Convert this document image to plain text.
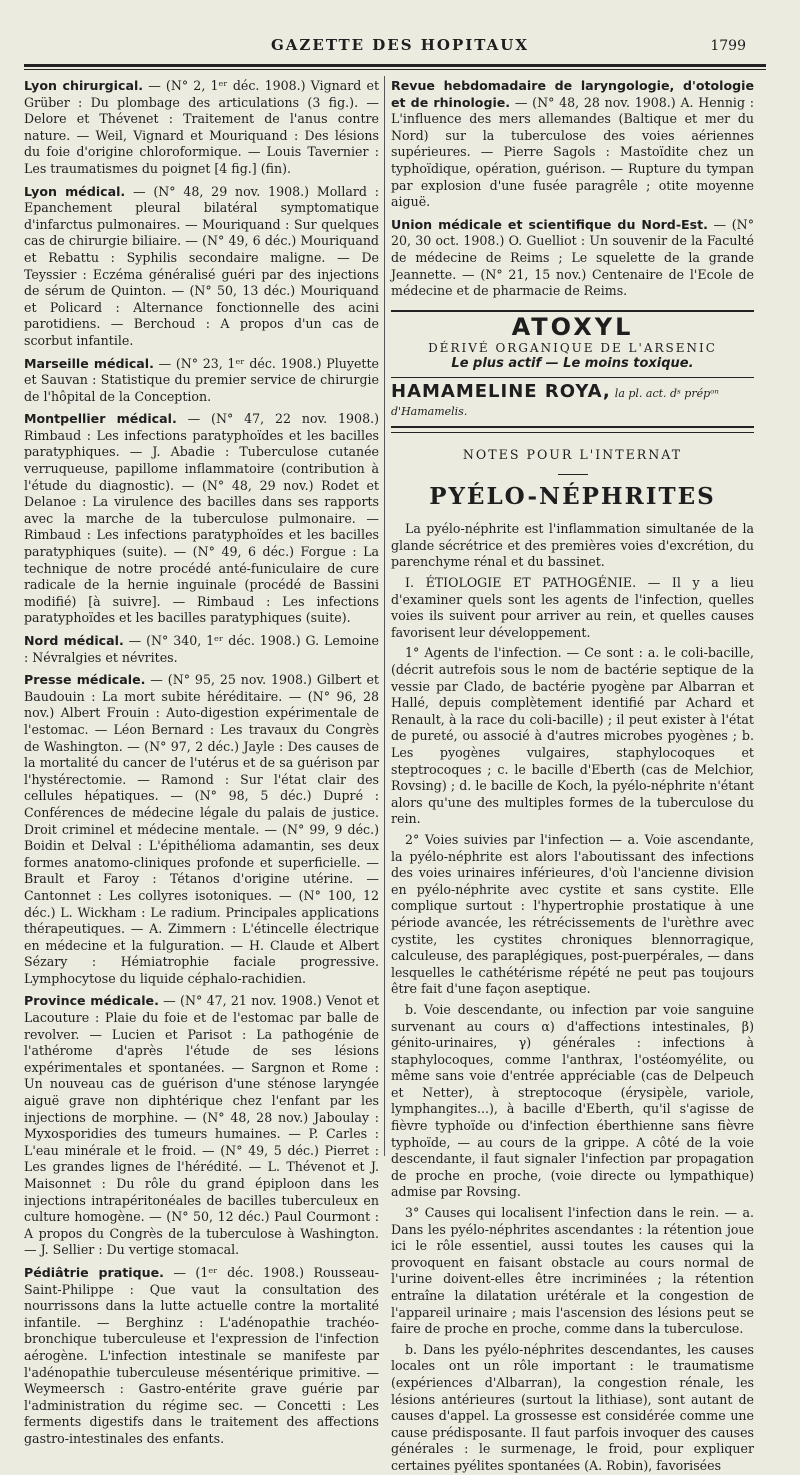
GAZETTE DES HOPITAUX	1799

Lyon chirurgical. — (N° 2, 1ᵉʳ déc. 1908.) Vignard et Grüber : Du plombage des articulations (3 fig.). — Delore et Thévenet : Traitement de l'anus contre nature. — Weil, Vignard et Mouriquand : Des lésions du foie d'origine chloroformique. — Louis Tavernier : Les traumatismes du poignet [4 fig.] (fin).

Lyon médical. — (N° 48, 29 nov. 1908.) Mollard : Epanchement pleural bilatéral symptomatique d'infarctus pulmonaires. — Mouriquand : Sur quelques cas de chirurgie biliaire. — (N° 49, 6 déc.) Mouriquand et Rebattu : Syphilis secondaire maligne. — De Teyssier : Eczéma généralisé guéri par des injections de sérum de Quinton. — (N° 50, 13 déc.) Mouriquand et Policard : Alternance fonctionnelle des acini parotidiens. — Berchoud : A propos d'un cas de scorbut infantile.

Marseille médical. — (N° 23, 1ᵉʳ déc. 1908.) Pluyette et Sauvan : Statistique du premier service de chirurgie de l'hôpital de la Conception.

Montpellier médical. — (N° 47, 22 nov. 1908.) Rimbaud : Les infections paratyphoïdes et les bacilles paratyphiques. — J. Abadie : Tuberculose cutanée verruqueuse, papillome inflammatoire (contribution à l'étude du diagnostic). — (N° 48, 29 nov.) Rodet et Delanoe : La virulence des bacilles dans ses rapports avec la marche de la tuberculose pulmonaire. — Rimbaud : Les infections paratyphoïdes et les bacilles paratyphiques (suite). — (N° 49, 6 déc.) Forgue : La technique de notre procédé anté-funiculaire de cure radicale de la hernie inguinale (procédé de Bassini modifié) [à suivre]. — Rimbaud : Les infections paratyphoïdes et les bacilles paratyphiques (suite).

Nord médical. — (N° 340, 1ᵉʳ déc. 1908.) G. Lemoine : Névralgies et névrites.

Presse médicale. — (N° 95, 25 nov. 1908.) Gilbert et Baudouin : La mort subite héréditaire. — (N° 96, 28 nov.) Albert Frouin : Auto-digestion expérimentale de l'estomac. — Léon Bernard : Les travaux du Congrès de Washington. — (N° 97, 2 déc.) Jayle : Des causes de la mortalité du cancer de l'utérus et de sa guérison par l'hystérectomie. — Ramond : Sur l'état clair des cellules hépatiques. — (N° 98, 5 déc.) Dupré : Conférences de médecine légale du palais de justice. Droit criminel et médecine mentale. — (N° 99, 9 déc.) Boidin et Delval : L'épithélioma adamantin, ses deux formes anatomo-cliniques profonde et superficielle. — Brault et Faroy : Tétanos d'origine utérine. — Cantonnet : Les collyres isotoniques. — (N° 100, 12 déc.) L. Wickham : Le radium. Principales applications thérapeutiques. — A. Zimmern : L'étincelle électrique en médecine et la fulguration. — H. Claude et Albert Sézary : Hémiatrophie faciale progressive. Lymphocytose du liquide céphalo-rachidien.

Province médicale. — (N° 47, 21 nov. 1908.) Venot et Lacouture : Plaie du foie et de l'estomac par balle de revolver. — Lucien et Parisot : La pathogénie de l'athérome d'après l'étude de ses lésions expérimentales et spontanées. — Sargnon et Rome : Un nouveau cas de guérison d'une sténose laryngée aiguë grave non diphtérique chez l'enfant par les injections de morphine. — (N° 48, 28 nov.) Jaboulay : Myxosporidies des tumeurs humaines. — P. Carles : L'eau minérale et le froid. — (N° 49, 5 déc.) Pierret : Les grandes lignes de l'hérédité. — L. Thévenot et J. Maisonnet : Du rôle du grand épiploon dans les injections intrapéritonéales de bacilles tuberculeux en culture homogène. — (N° 50, 12 déc.) Paul Courmont : A propos du Congrès de la tuberculose à Washington. — J. Sellier : Du vertige stomacal.

Pédiâtrie pratique. — (1ᵉʳ déc. 1908.) Rousseau-Saint-Philippe : Que vaut la consultation des nourrissons dans la lutte actuelle contre la mortalité infantile. — Berghinz : L'adénopathie trachéo-bronchique tuberculeuse et l'expression de l'infection aérogène. L'infection intestinale se manifeste par l'adénopathie tuberculeuse mésentérique primitive. — Weymeersch : Gastro-entérite grave guérie par l'administration du régime sec. — Concetti : Les ferments digestifs dans le traitement des affections gastro-intestinales des enfants.

Revue hebdomadaire de laryngologie, d'otologie et de rhinologie. — (N° 48, 28 nov. 1908.) A. Hennig : L'influence des mers allemandes (Baltique et mer du Nord) sur la tuberculose des voies aériennes supérieures. — Pierre Sagols : Mastoïdite chez un typhoïdique, opération, guérison. — Rupture du tympan par explosion d'une fusée paragrêle ; otite moyenne aiguë.

Union médicale et scientifique du Nord-Est. — (N° 20, 30 oct. 1908.) O. Guelliot : Un souvenir de la Faculté de médecine de Reims ; Le squelette de la grande Jeannette. — (N° 21, 15 nov.) Centenaire de l'Ecole de médecine et de pharmacie de Reims.

ATOXYL
DÉRIVÉ ORGANIQUE DE L'ARSENIC
Le plus actif — Le moins toxique.
HAMAMELINE ROYA, la pl. act. dˢ prépᵒⁿ d'Hamamelis.
NOTES POUR L'INTERNAT
PYÉLO-NÉPHRITES

La pyélo-néphrite est l'inflammation simultanée de la glande sécrétrice et des premières voies d'excrétion, du parenchyme rénal et du bassinet.

I. ÉTIOLOGIE ET PATHOGÉNIE. — Il y a lieu d'examiner quels sont les agents de l'infection, quelles voies ils suivent pour arriver au rein, et quelles causes favorisent leur développement.

1° Agents de l'infection. — Ce sont : a. le coli-bacille, (décrit autrefois sous le nom de bactérie septique de la vessie par Clado, de bactérie pyogène par Albarran et Hallé, depuis complètement identifié par Achard et Renault, à la race du coli-bacille) ; il peut exister à l'état de pureté, ou associé à d'autres microbes pyogènes ; b. Les pyogènes vulgaires, staphylocoques et steptrocoques ; c. le bacille d'Eberth (cas de Melchior, Rovsing) ; d. le bacille de Koch, la pyélo-néphrite n'étant alors qu'une des multiples formes de la tuberculose du rein.

2° Voies suivies par l'infection — a. Voie ascendante, la pyélo-néphrite est alors l'aboutissant des infections des voies urinaires inférieures, d'où l'ancienne division en pyélo-néphrite avec cystite et sans cystite. Elle complique surtout : l'hypertrophie prostatique à une période avancée, les rétrécissements de l'urèthre avec cystite, les cystites chroniques blennorragique, calculeuse, des paraplégiques, post-puerpérales, — dans lesquelles le cathétérisme répété ne peut pas toujours être fait d'une façon aseptique.

b. Voie descendante, ou infection par voie sanguine survenant au cours α) d'affections intestinales, β) génito-urinaires, γ) générales : infections à staphylocoques, comme l'anthrax, l'ostéomyélite, ou même sans voie d'entrée appréciable (cas de Delpeuch et Netter), à streptocoque (érysipèle, variole, lymphangites...), à bacille d'Eberth, qu'il s'agisse de fièvre typhoïde ou d'infection éberthienne sans fièvre typhoïde, — au cours de la grippe. A côté de la voie descendante, il faut signaler l'infection par propagation de proche en proche, (voie directe ou lympathique) admise par Rovsing.

3° Causes qui localisent l'infection dans le rein. — a. Dans les pyélo-néphrites ascendantes : la rétention joue ici le rôle essentiel, aussi toutes les causes qui la provoquent en faisant obstacle au cours normal de l'urine doivent-elles être incriminées ; la rétention entraîne la dilatation urétérale et la congestion de l'appareil urinaire ; mais l'ascension des lésions peut se faire de proche en proche, comme dans la tuberculose.

b. Dans les pyélo-néphrites descendantes, les causes locales ont un rôle important : le traumatisme (expériences d'Albarran), la congestion rénale, les lésions antérieures (surtout la lithiase), sont autant de causes d'appel. La grossesse est considérée comme une cause prédisposante. Il faut parfois invoquer des causes générales : le surmenage, le froid, pour expliquer certaines pyélites spontanées (A. Robin), favorisées
